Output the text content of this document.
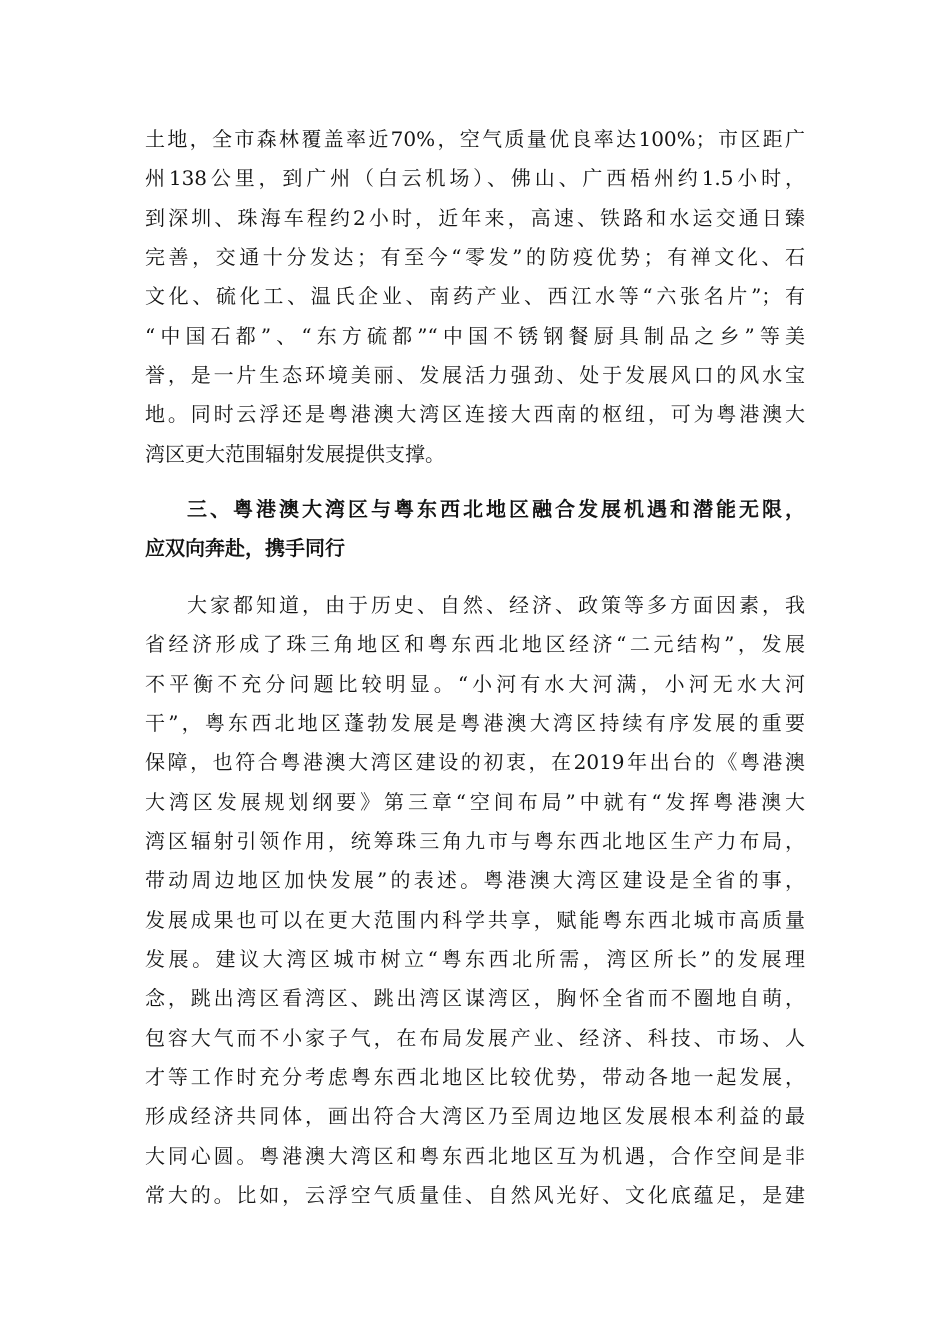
土地，全市森林覆盖率近70%，空气质量优良率达100%；市区距广
州138公里，到广州（白云机场）、佛山、广西梧州约1.5小时，
到深圳、珠海车程约2小时，近年来，高速、铁路和水运交通日臻
完善，交通十分发达；有至今“零发”的防疫优势；有禅文化、石
文化、硫化工、温氏企业、南药产业、西江水等“六张名片”；有
“中国石都”、“东方硫都”“中国不锈钢餐厨具制品之乡”等美
誉，是一片生态环境美丽、发展活力强劲、处于发展风口的风水宝
地。同时云浮还是粤港澳大湾区连接大西南的枢纽，可为粤港澳大
湾区更大范围辐射发展提供支撑。
三、粤港澳大湾区与粤东西北地区融合发展机遇和潜能无限，
应双向奔赴，携手同行
大家都知道，由于历史、自然、经济、政策等多方面因素，我
省经济形成了珠三角地区和粤东西北地区经济“二元结构”，发展
不平衡不充分问题比较明显。“小河有水大河满，小河无水大河
干”，粤东西北地区蓬勃发展是粤港澳大湾区持续有序发展的重要
保障，也符合粤港澳大湾区建设的初衷，在2019年出台的《粤港澳
大湾区发展规划纲要》第三章“空间布局”中就有“发挥粤港澳大
湾区辐射引领作用，统筹珠三角九市与粤东西北地区生产力布局，
带动周边地区加快发展”的表述。粤港澳大湾区建设是全省的事，
发展成果也可以在更大范围内科学共享，赋能粤东西北城市高质量
发展。建议大湾区城市树立“粤东西北所需，湾区所长”的发展理
念，跳出湾区看湾区、跳出湾区谋湾区，胸怀全省而不圈地自萌，
包容大气而不小家子气，在布局发展产业、经济、科技、市场、人
才等工作时充分考虑粤东西北地区比较优势，带动各地一起发展，
形成经济共同体，画出符合大湾区乃至周边地区发展根本利益的最
大同心圆。粤港澳大湾区和粤东西北地区互为机遇，合作空间是非
常大的。比如，云浮空气质量佳、自然风光好、文化底蕴足，是建
